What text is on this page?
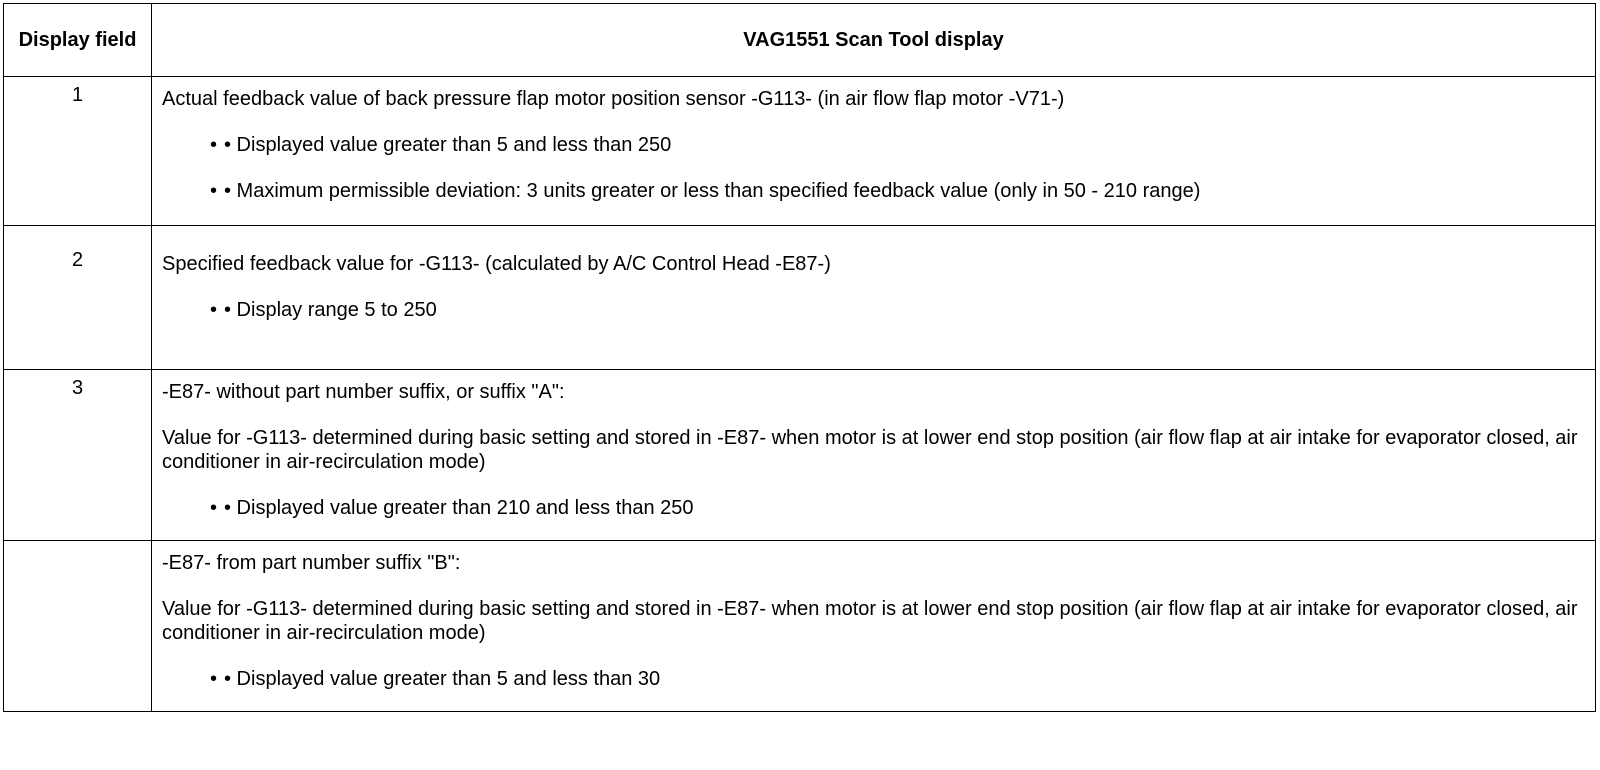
Display field	VAG1551 Scan Tool display
1	Actual feedback value of back pressure flap motor position sensor -G113- (in air flow flap motor -V71-)
• • Displayed value greater than 5 and less than 250
• • Maximum permissible deviation: 3 units greater or less than specified feedback value (only in 50 - 210 range)

2	Specified feedback value for -G113- (calculated by A/C Control Head -E87-)
• • Display range 5 to 250

3	-E87- without part number suffix, or suffix "A":
Value for -G113- determined during basic setting and stored in -E87- when motor is at lower end stop position (air flow flap at air intake for evaporator closed, air conditioner in air-recirculation mode)
• • Displayed value greater than 210 and less than 250

	-E87- from part number suffix "B":
Value for -G113- determined during basic setting and stored in -E87- when motor is at lower end stop position (air flow flap at air intake for evaporator closed, air conditioner in air-recirculation mode)
• • Displayed value greater than 5 and less than 30
